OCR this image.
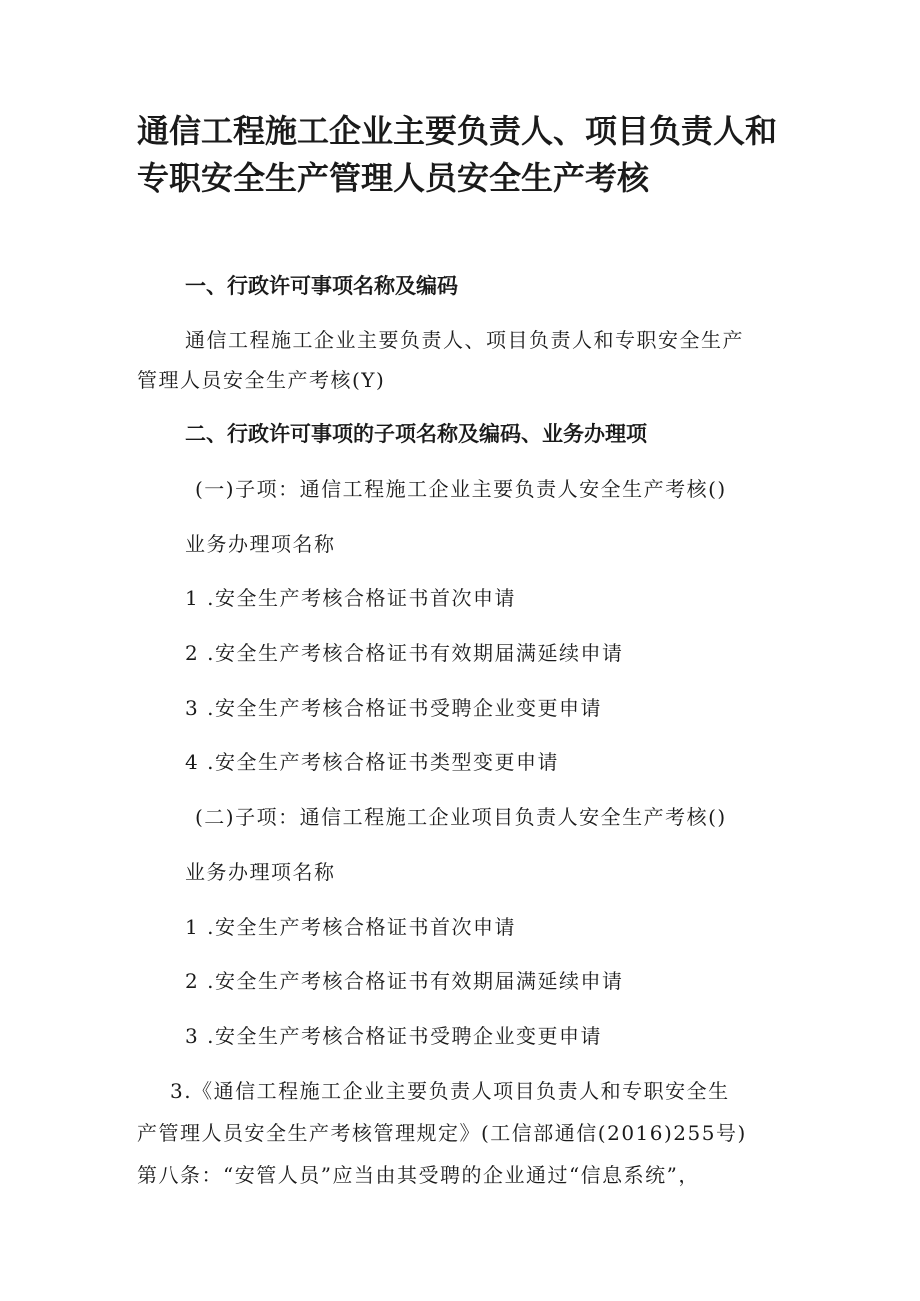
通信工程施工企业主要负责人、项目负责人和
专职安全生产管理人员安全生产考核

一、行政许可事项名称及编码

通信工程施工企业主要负责人、项目负责人和专职安全生产

管理人员安全生产考核(Y)

二、行政许可事项的子项名称及编码、业务办理项

(一)子项：通信工程施工企业主要负责人安全生产考核()

业务办理项名称

1 .安全生产考核合格证书首次申请

2 .安全生产考核合格证书有效期届满延续申请

3 .安全生产考核合格证书受聘企业变更申请

4 .安全生产考核合格证书类型变更申请

(二)子项：通信工程施工企业项目负责人安全生产考核()

业务办理项名称

1 .安全生产考核合格证书首次申请

2 .安全生产考核合格证书有效期届满延续申请

3 .安全生产考核合格证书受聘企业变更申请

3.《通信工程施工企业主要负责人项目负责人和专职安全生

产管理人员安全生产考核管理规定》(工信部通信(2016)255号)

第八条：“安管人员”应当由其受聘的企业通过“信息系统”，
